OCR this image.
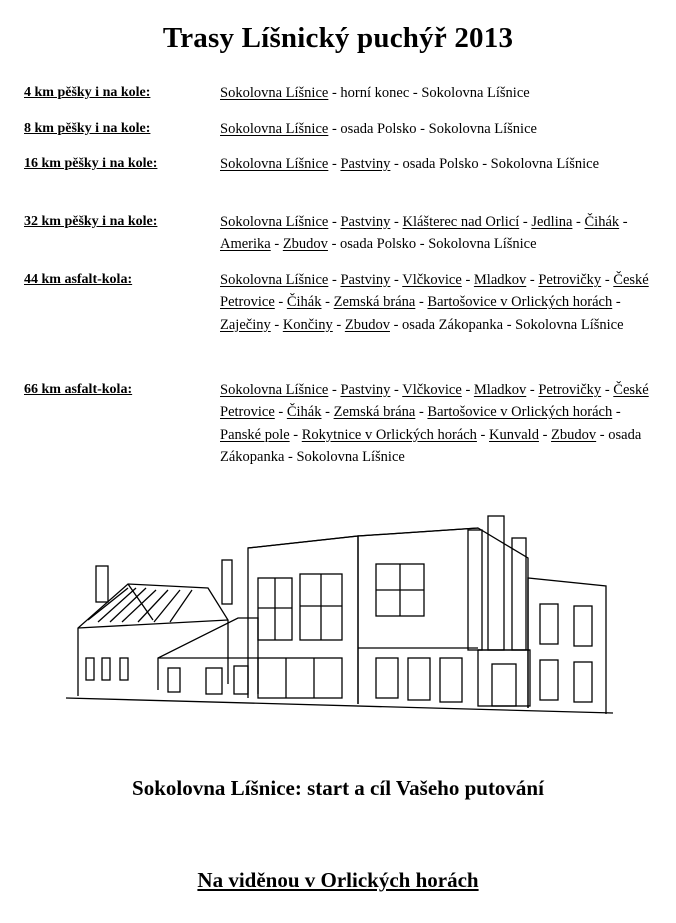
Trasy Líšnický puchýř 2013
4 km pěšky i na kole:	Sokolovna Líšnice - horní konec - Sokolovna Líšnice
8 km pěšky i na kole:	Sokolovna Líšnice - osada Polsko - Sokolovna Líšnice
16 km pěšky i na kole:	Sokolovna Líšnice - Pastviny - osada Polsko - Sokolovna Líšnice
32 km pěšky i na kole:	Sokolovna Líšnice - Pastviny - Klášterec nad Orlicí - Jedlina - Čihák - Amerika - Zbudov - osada Polsko - Sokolovna Líšnice
44 km asfalt-kola:	Sokolovna Líšnice - Pastviny - Vlčkovice - Mladkov - Petrovičky - České Petrovice - Čihák - Zemská brána - Bartošovice v Orlických horách - Zaječiny - Končiny - Zbudov - osada Zákopanka - Sokolovna Líšnice
66 km asfalt-kola:	Sokolovna Líšnice - Pastviny - Vlčkovice - Mladkov - Petrovičky - České Petrovice - Čihák - Zemská brána - Bartošovice v Orlických horách - Panské pole - Rokytnice v Orlických horách - Kunvald - Zbudov - osada Zákopanka - Sokolovna Líšnice
Sokolovna Líšnice: start a cíl Vašeho putování
Na viděnou v Orlických horách
